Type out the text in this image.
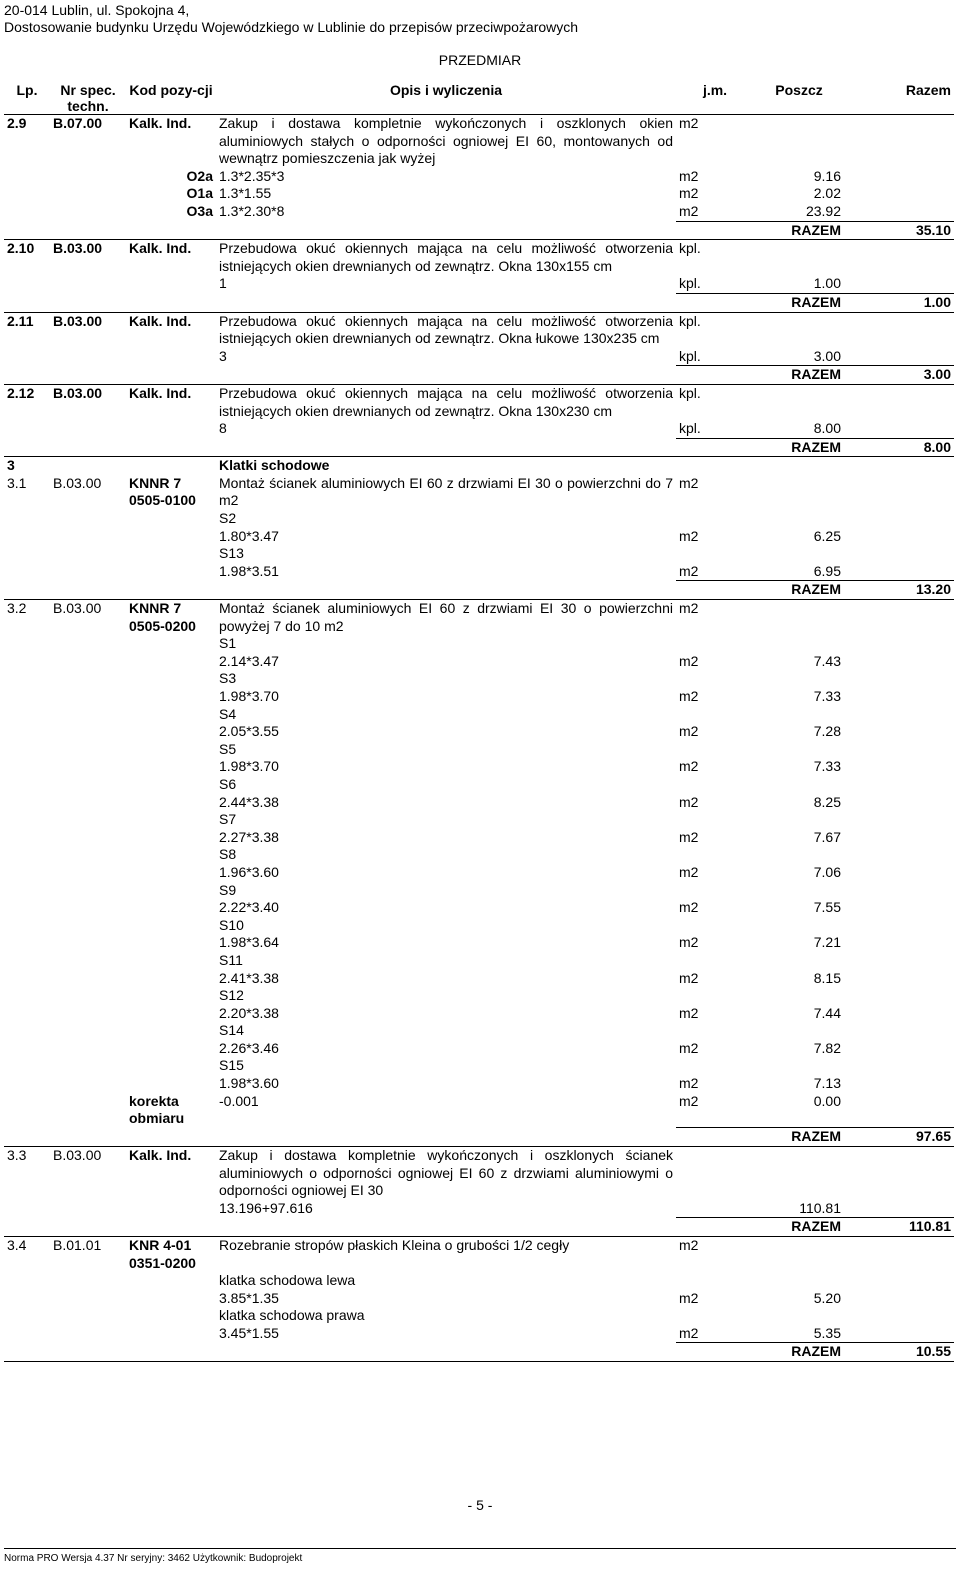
20-014 Lublin, ul. Spokojna 4,
Dostosowanie budynku Urzędu Wojewódzkiego w Lublinie do przepisów przeciwpożarowych
PRZEDMIAR
Lp.	Nr spec. techn.	Kod pozy-cji	Opis i wyliczenia	j.m.	Poszcz	Razem
2.9	B.07.00	Kalk. Ind.	Zakup i dostawa kompletnie wykończonych i oszklonych okien aluminiowych stałych o odporności ogniowej EI 60, montowanych od wewnątrz pomieszczenia jak wyżej	m2		
		O2a	1.3*2.35*3	m2	9.16	
		O1a	1.3*1.55	m2	2.02	
		O3a	1.3*2.30*8	m2	23.92	
					RAZEM	35.10
2.10	B.03.00	Kalk. Ind.	Przebudowa okuć okiennych mająca na celu możliwość otworzenia istniejących okien drewnianych od zewnątrz. Okna 130x155 cm	kpl.		
			1	kpl.	1.00	
					RAZEM	1.00
2.11	B.03.00	Kalk. Ind.	Przebudowa okuć okiennych mająca na celu możliwość otworzenia istniejących okien drewnianych od zewnątrz. Okna łukowe 130x235 cm	kpl.		
			3	kpl.	3.00	
					RAZEM	3.00
2.12	B.03.00	Kalk. Ind.	Przebudowa okuć okiennych mająca na celu możliwość otworzenia istniejących okien drewnianych od zewnątrz. Okna 130x230 cm	kpl.		
			8	kpl.	8.00	
					RAZEM	8.00
3			Klatki schodowe			
3.1	B.03.00	KNNR 7 0505-0100	Montaż ścianek aluminiowych EI 60 z drzwiami EI 30 o powierzchni do 7 m2	m2		
			S2			
			1.80*3.47	m2	6.25	
			S13			
			1.98*3.51	m2	6.95	
					RAZEM	13.20
3.2	B.03.00	KNNR 7 0505-0200	Montaż ścianek aluminiowych EI 60 z drzwiami EI 30 o powierzchni powyżej 7 do 10 m2	m2		
			S1			
			2.14*3.47	m2	7.43	
			S3			
			1.98*3.70	m2	7.33	
			S4			
			2.05*3.55	m2	7.28	
			S5			
			1.98*3.70	m2	7.33	
			S6			
			2.44*3.38	m2	8.25	
			S7			
			2.27*3.38	m2	7.67	
			S8			
			1.96*3.60	m2	7.06	
			S9			
			2.22*3.40	m2	7.55	
			S10			
			1.98*3.64	m2	7.21	
			S11			
			2.41*3.38	m2	8.15	
			S12			
			2.20*3.38	m2	7.44	
			S14			
			2.26*3.46	m2	7.82	
			S15			
			1.98*3.60	m2	7.13	
		korekta obmiaru	-0.001	m2	0.00	
					RAZEM	97.65
3.3	B.03.00	Kalk. Ind.	Zakup i dostawa kompletnie wykończonych i oszklonych ścianek aluminiowych o odporności ogniowej EI 60 z drzwiami aluminiowymi o odporności ogniowej EI 30			
			13.196+97.616		110.81	
					RAZEM	110.81
3.4	B.01.01	KNR 4-01 0351-0200	Rozebranie stropów płaskich Kleina o grubości 1/2 cegły	m2		
			klatka schodowa lewa			
			3.85*1.35	m2	5.20	
			klatka schodowa prawa			
			3.45*1.55	m2	5.35	
					RAZEM	10.55
- 5 -
Norma PRO Wersja 4.37 Nr seryjny: 3462 Użytkownik: Budoprojekt
